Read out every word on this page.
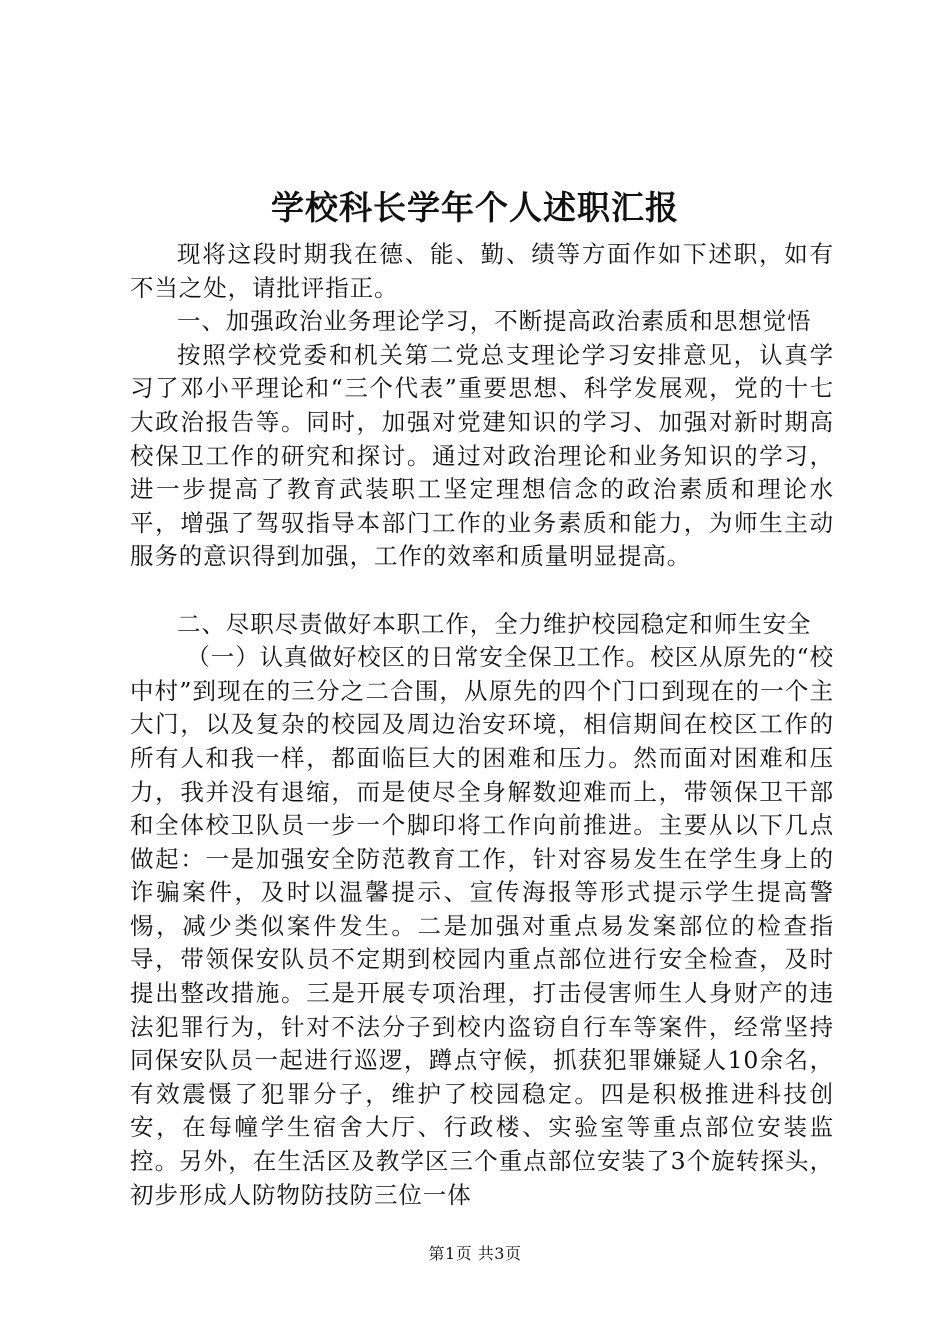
学校科长学年个人述职汇报

现将这段时期我在德、能、勤、绩等方面作如下述职，如有不当之处，请批评指正。

一、加强政治业务理论学习，不断提高政治素质和思想觉悟

按照学校党委和机关第二党总支理论学习安排意见，认真学习了邓小平理论和“三个代表”重要思想、科学发展观，党的十七大政治报告等。同时，加强对党建知识的学习、加强对新时期高校保卫工作的研究和探讨。通过对政治理论和业务知识的学习，进一步提高了教育武装职工坚定理想信念的政治素质和理论水平，增强了驾驭指导本部门工作的业务素质和能力，为师生主动服务的意识得到加强，工作的效率和质量明显提高。

二、尽职尽责做好本职工作，全力维护校园稳定和师生安全

（一）认真做好校区的日常安全保卫工作。校区从原先的“校中村”到现在的三分之二合围，从原先的四个门口到现在的一个主大门，以及复杂的校园及周边治安环境，相信期间在校区工作的所有人和我一样，都面临巨大的困难和压力。然而面对困难和压力，我并没有退缩，而是使尽全身解数迎难而上，带领保卫干部和全体校卫队员一步一个脚印将工作向前推进。主要从以下几点做起：一是加强安全防范教育工作，针对容易发生在学生身上的诈骗案件，及时以温馨提示、宣传海报等形式提示学生提高警惕，减少类似案件发生。二是加强对重点易发案部位的检查指导，带领保安队员不定期到校园内重点部位进行安全检查，及时提出整改措施。三是开展专项治理，打击侵害师生人身财产的违法犯罪行为，针对不法分子到校内盗窃自行车等案件，经常坚持同保安队员一起进行巡逻，蹲点守候，抓获犯罪嫌疑人10余名，有效震慑了犯罪分子，维护了校园稳定。四是积极推进科技创安，在每幢学生宿舍大厅、行政楼、实验室等重点部位安装监控。另外，在生活区及教学区三个重点部位安装了3个旋转探头，初步形成人防物防技防三位一体

第1页 共3页
